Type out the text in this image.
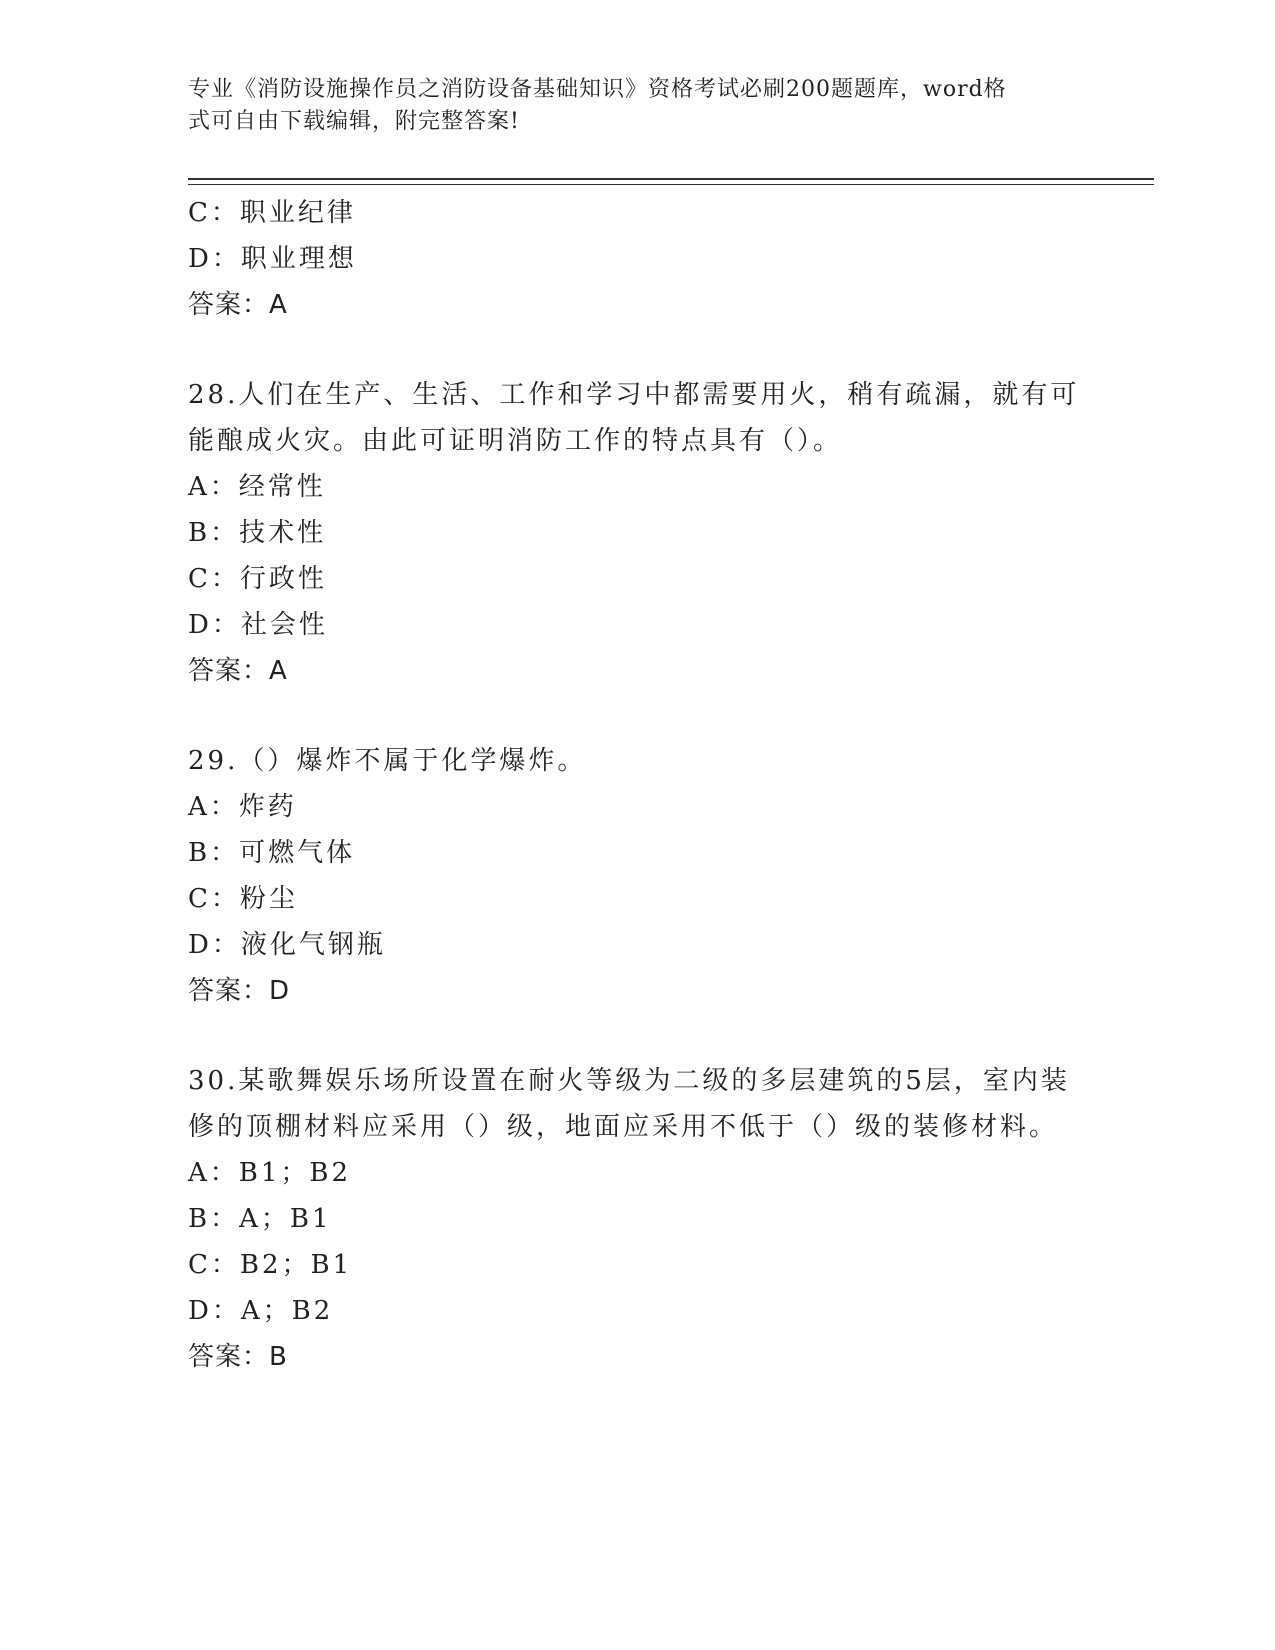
专业《消防设施操作员之消防设备基础知识》资格考试必刷200题题库，word格
式可自由下载编辑，附完整答案!
C：职业纪律
D：职业理想
答案：A
28.人们在生产、生活、工作和学习中都需要用火，稍有疏漏，就有可
能酿成火灾。由此可证明消防工作的特点具有（）。
A：经常性
B：技术性
C：行政性
D：社会性
答案：A
29.（）爆炸不属于化学爆炸。
A：炸药
B：可燃气体
C：粉尘
D：液化气钢瓶
答案：D
30.某歌舞娱乐场所设置在耐火等级为二级的多层建筑的5层，室内装
修的顶棚材料应采用（）级，地面应采用不低于（）级的装修材料。
A：B1；B2
B：A；B1
C：B2；B1
D：A；B2
答案：B
